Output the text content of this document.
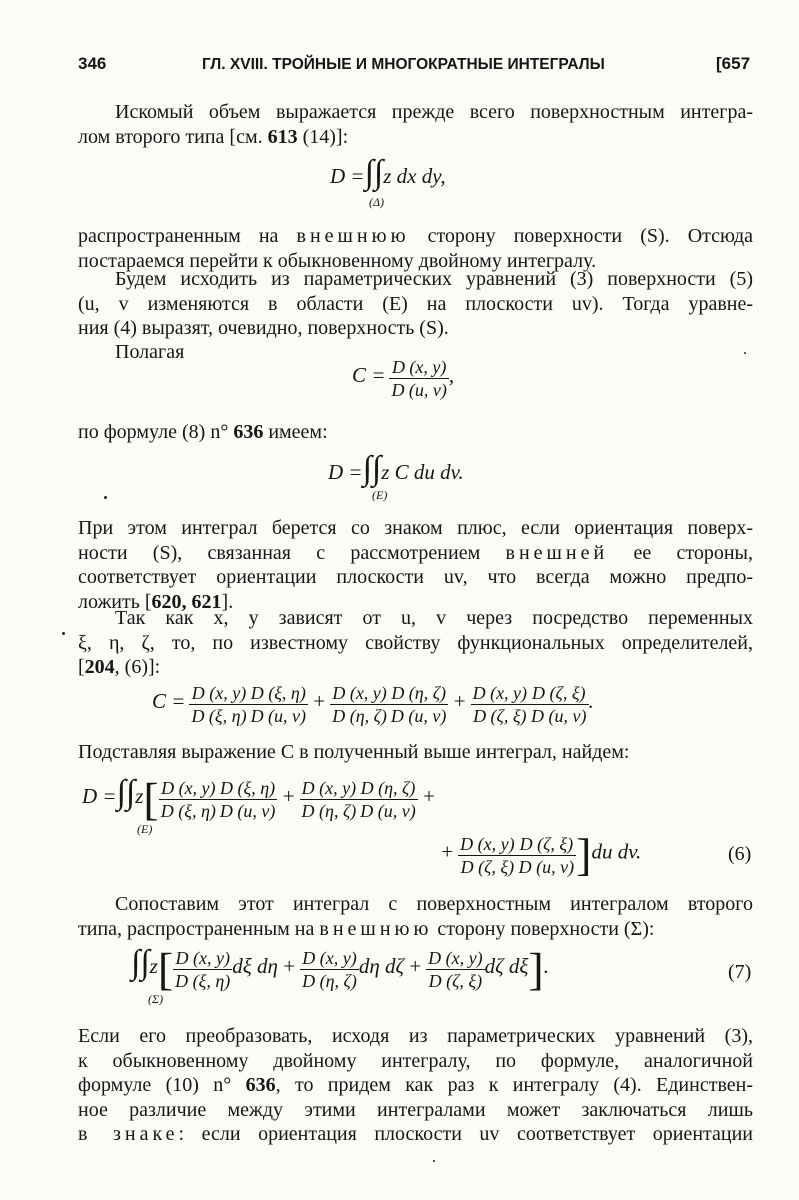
346	ГЛ. XVIII. ТРОЙНЫЕ И МНОГОКРАТНЫЕ ИНТЕГРАЛЫ	[657
Искомый объем выражается прежде всего поверхностным интегра-
лом второго типа [см. 613 (14)]:
D =∫∫z dx dy,
(Δ)
распространенным на внешнюю сторону поверхности (S). Отсюда
постараемся перейти к обыкновенному двойному интегралу.
Будем исходить из параметрических уравнений (3) поверхности (5)
(u, v изменяются в области (E) на плоскости uv). Тогда уравне-
ния (4) выразят, очевидно, поверхность (S).
Полагая
$C = \frac{D (x, y)}{D (u, v)}$ ,
по формуле (8) n° 636 имеем:
D =∫∫z C du dv.
(E)
При этом интеграл берется со знаком плюс, если ориентация поверх-
ности (S), связанная с рассмотрением внешней ее стороны,
соответствует ориентации плоскости uv, что всегда можно предпо-
ложить [620, 621].
Так как x, y зависят от u, v через посредство переменных
ξ, η, ζ, то, по известному свойству функциональных определителей,
[204, (6)]:
$C = \frac{D (x, y)}{D (\xi, \eta)} \frac{D (\xi, \eta)}{D (u, v)} + \frac{D (x, y)}{D (\eta, \zeta)} \frac{D (\eta, \zeta)}{D (u, v)} + \frac{D (x, y)}{D (\zeta, \xi)} \frac{D (\zeta, \xi)}{D (u, v)}$ .
Подставляя выражение C в полученный выше интеграл, найдем:
$D =\int\int z[ \frac{D (x, y)}{D (\xi, \eta)} \frac{D (\xi, \eta)}{D (u, v)} + \frac{D (x, y)}{D (\eta, \zeta)} \frac{D (\eta, \zeta)}{D (u, v)}$ +
(E)
+ $\frac{D (x, y)}{D (\zeta, \xi)} \frac{D (\zeta, \xi)}{D (u, v)} ]du$ dv.	(6)
Сопоставим этот интеграл с поверхностным интегралом второго
типа, распространенным на внешнюю сторону поверхности (Σ):
$\int\int z[ \frac{D (x, y)}{D (\xi, \eta)}$ dξ $d\eta + \frac{D (x, y)}{D (\eta, \zeta)}$ dη $d\zeta + \frac{D (x, y)}{D (\zeta, \xi)}$ dζ dξ].
(Σ)
(7)
Если его преобразовать, исходя из параметрических уравнений (3),
к обыкновенному двойному интегралу, по формуле, аналогичной
формуле (10) n° 636, то придем как раз к интегралу (4). Единствен-
ное различие между этими интегралами может заключаться лишь
в знаке: если ориентация плоскости uv соответствует ориентации
